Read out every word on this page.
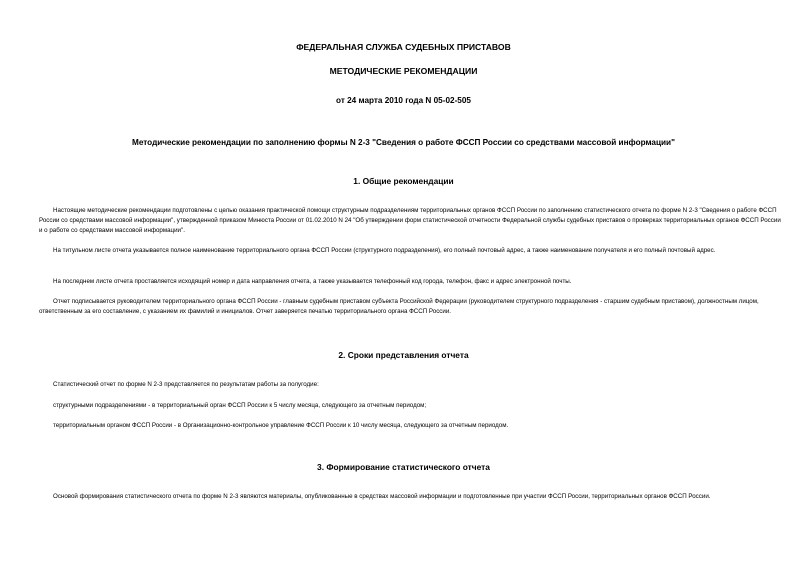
ФЕДЕРАЛЬНАЯ СЛУЖБА СУДЕБНЫХ ПРИСТАВОВ
МЕТОДИЧЕСКИЕ РЕКОМЕНДАЦИИ
от 24 марта 2010 года N 05-02-505
Методические рекомендации по заполнению формы N 2-3 "Сведения о работе ФССП России со средствами массовой информации"
1. Общие рекомендации
Настоящие методические рекомендации подготовлены с целью оказания практической помощи структурным подразделениям территориальных органов ФССП России по заполнению статистического отчета по форме N 2-3 "Сведения о работе ФССП России со средствами массовой информации", утвержденной приказом Минюста России от 01.02.2010 N 24 "Об утверждении форм статистической отчетности Федеральной службы судебных приставов о проверках территориальных органов ФССП России и о работе со средствами массовой информации".
На титульном листе отчета указывается полное наименование территориального органа ФССП России (структурного подразделения), его полный почтовый адрес, а также наименование получателя и его полный почтовый адрес.
На последнем листе отчета проставляется исходящий номер и дата направления отчета, а также указывается телефонный код города, телефон, факс и адрес электронной почты.
Отчет подписывается руководителем территориального органа ФССП России - главным судебным приставом субъекта Российской Федерации (руководителем структурного подразделения - старшим судебным приставом), должностным лицом, ответственным за его составление, с указанием их фамилий и инициалов. Отчет заверяется печатью территориального органа ФССП России.
2. Сроки представления отчета
Статистический отчет по форме N 2-3 представляется по результатам работы за полугодие:
структурными подразделениями - в территориальный орган ФССП России к 5 числу месяца, следующего за отчетным периодом;
территориальным органом ФССП России - в Организационно-контрольное управление ФССП России к 10 числу месяца, следующего за отчетным периодом.
3. Формирование статистического отчета
Основой формирования статистического отчета по форме N 2-3 являются материалы, опубликованные в средствах массовой информации и подготовленные при участии ФССП России, территориальных органов ФССП России.
